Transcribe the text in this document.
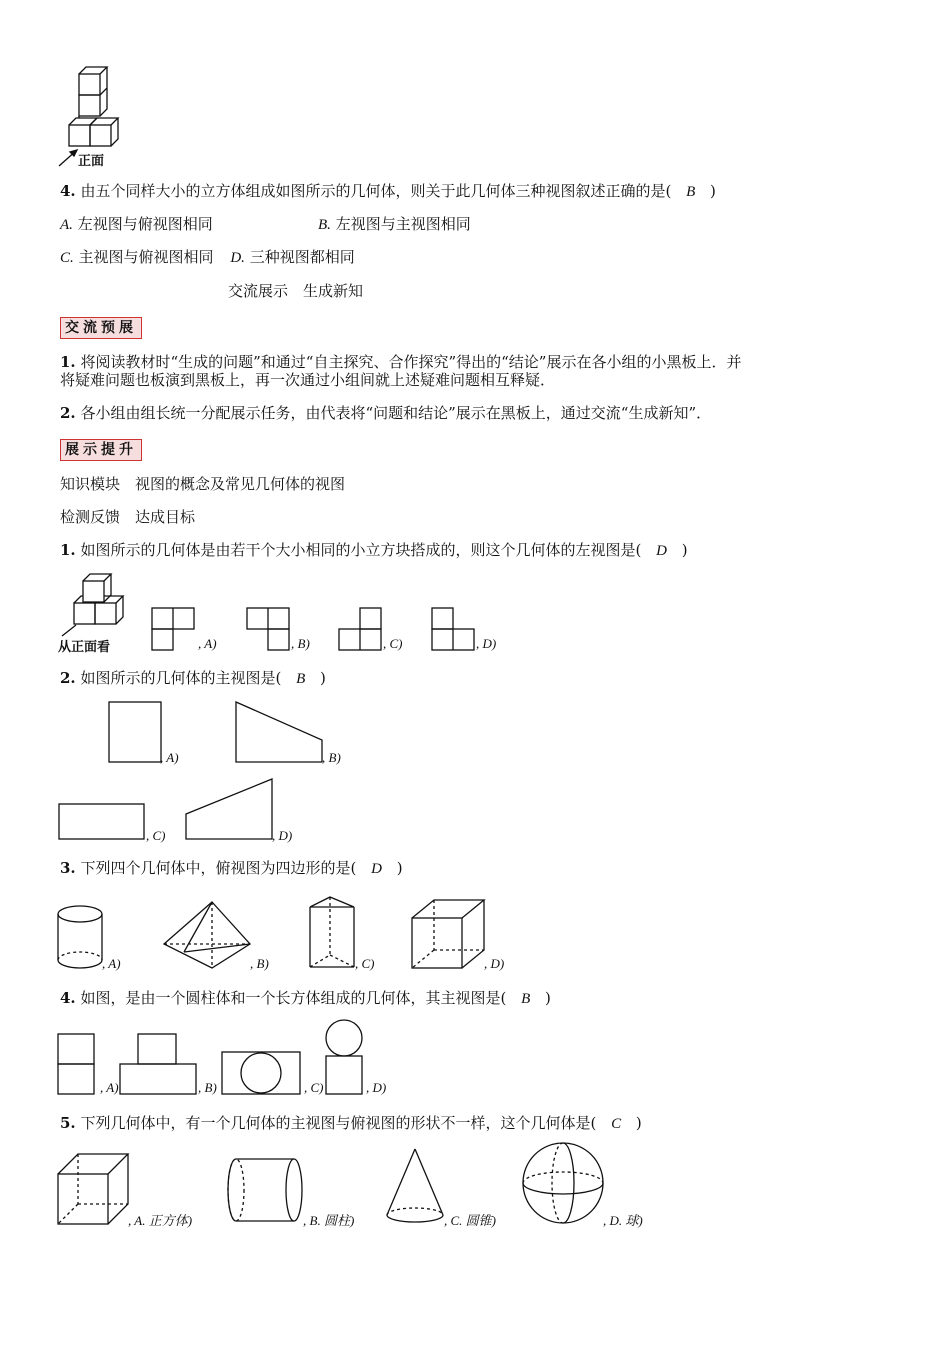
正面
4. 由五个同样大小的立方体组成如图所示的几何体，则关于此几何体三种视图叙述正确的是( B )
A. 左视图与俯视图相同	B. 左视图与主视图相同
C. 主视图与俯视图相同 D. 三种视图都相同
交流展示　生成新知
交流预展
1. 将阅读教材时“生成的问题”和通过“自主探究、合作探究”得出的“结论”展示在各小组的小黑板上．并
将疑难问题也板演到黑板上，再一次通过小组间就上述疑难问题相互释疑．
2. 各小组由组长统一分配展示任务，由代表将“问题和结论”展示在黑板上，通过交流“生成新知”．
展示提升
知识模块　视图的概念及常见几何体的视图
检测反馈　达成目标
1. 如图所示的几何体是由若干个大小相同的小立方块搭成的，则这个几何体的左视图是( D )
从正面看	, A)	, B)	, C)	, D)
2. 如图所示的几何体的主视图是( B )
, A)	, B)
, C)	, D)
3. 下列四个几何体中，俯视图为四边形的是( D )
, A)	, B)	, C)	, D)
4. 如图，是由一个圆柱体和一个长方体组成的几何体，其主视图是( B )
, A)	, B)	, C)	, D)
5. 下列几何体中，有一个几何体的主视图与俯视图的形状不一样，这个几何体是( C )
, A. 正方体)	, B. 圆柱)	, C. 圆锥)	, D. 球)
